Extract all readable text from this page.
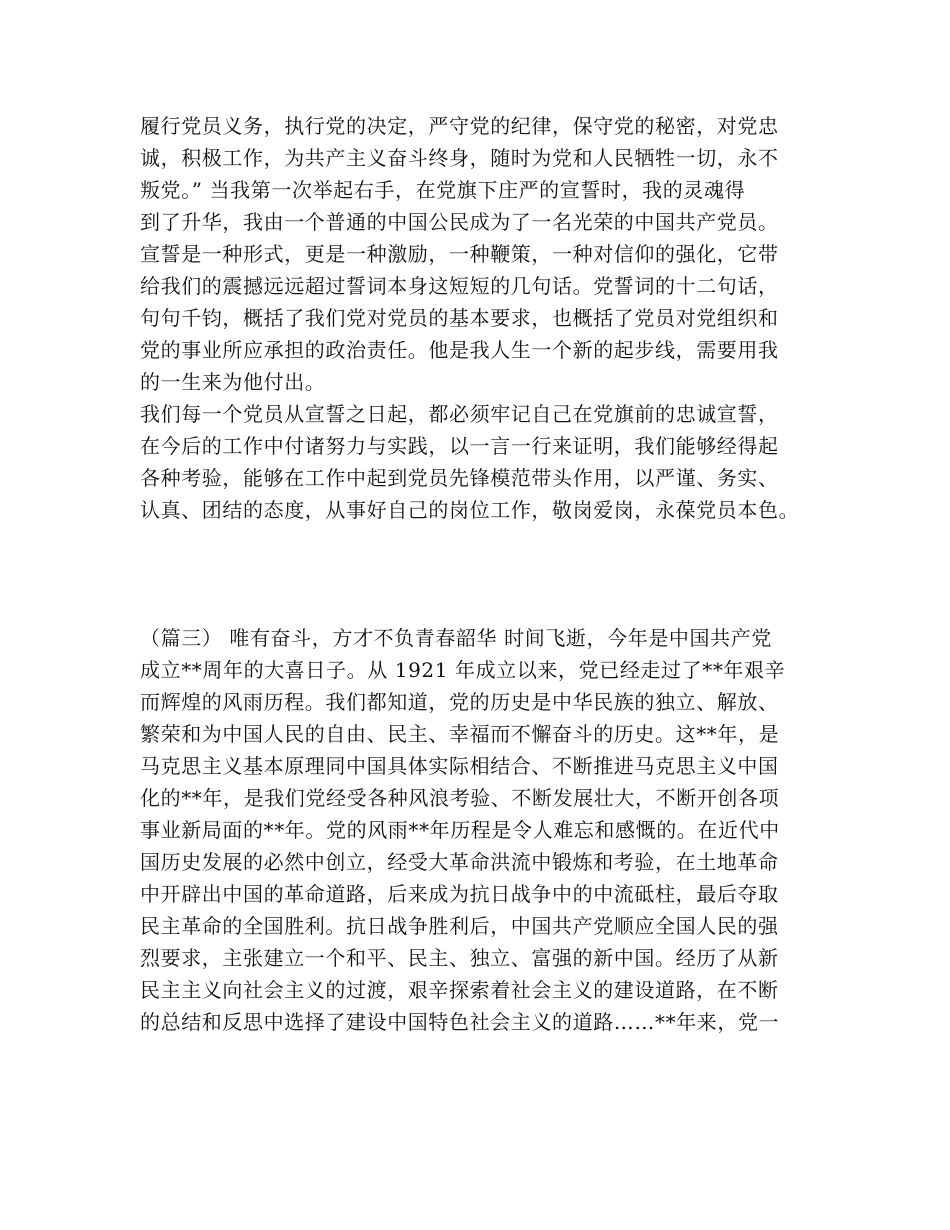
履行党员义务，执行党的决定，严守党的纪律，保守党的秘密，对党忠
诚，积极工作，为共产主义奋斗终身，随时为党和人民牺牲一切，永不
叛党。” 当我第一次举起右手，在党旗下庄严的宣誓时，我的灵魂得
到了升华，我由一个普通的中国公民成为了一名光荣的中国共产党员。
宣誓是一种形式，更是一种激励，一种鞭策，一种对信仰的强化，它带
给我们的震撼远远超过誓词本身这短短的几句话。党誓词的十二句话，
句句千钧，概括了我们党对党员的基本要求，也概括了党员对党组织和
党的事业所应承担的政治责任。他是我人生一个新的起步线，需要用我
的一生来为他付出。
我们每一个党员从宣誓之日起，都必须牢记自己在党旗前的忠诚宣誓，
在今后的工作中付诸努力与实践，以一言一行来证明，我们能够经得起
各种考验，能够在工作中起到党员先锋模范带头作用，以严谨、务实、
认真、团结的态度，从事好自己的岗位工作，敬岗爱岗，永葆党员本色。
（篇三） 唯有奋斗，方才不负青春韶华 时间飞逝，今年是中国共产党
成立**周年的大喜日子。从 1921 年成立以来，党已经走过了**年艰辛
而辉煌的风雨历程。我们都知道，党的历史是中华民族的独立、解放、
繁荣和为中国人民的自由、民主、幸福而不懈奋斗的历史。这**年，是
马克思主义基本原理同中国具体实际相结合、不断推进马克思主义中国
化的**年，是我们党经受各种风浪考验、不断发展壮大，不断开创各项
事业新局面的**年。党的风雨**年历程是令人难忘和感慨的。在近代中
国历史发展的必然中创立，经受大革命洪流中锻炼和考验，在土地革命
中开辟出中国的革命道路，后来成为抗日战争中的中流砥柱，最后夺取
民主革命的全国胜利。抗日战争胜利后，中国共产党顺应全国人民的强
烈要求，主张建立一个和平、民主、独立、富强的新中国。经历了从新
民主主义向社会主义的过渡，艰辛探索着社会主义的建设道路，在不断
的总结和反思中选择了建设中国特色社会主义的道路……**年来，党一
